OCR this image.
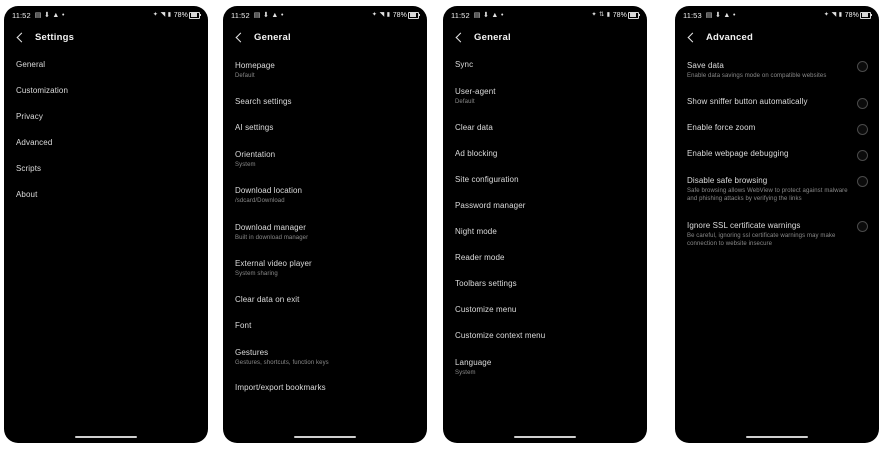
11:52 ▤ ⬇ ▲ •	✦ ◥ ▮ 78%
Settings
General
Customization
Privacy
Advanced
Scripts
About
11:52 ▤ ⬇ ▲ •	✦ ◥ ▮ 78%
General
Homepage
Default
Search settings
AI settings
Orientation
System
Download location
/sdcard/Download
Download manager
Built in download manager
External video player
System sharing
Clear data on exit
Font
Gestures
Gestures, shortcuts, function keys
Import/export bookmarks
11:52 ▤ ⬇ ▲ •	✦ ⇅ ▮ 78%
General
Sync
User-agent
Default
Clear data
Ad blocking
Site configuration
Password manager
Night mode
Reader mode
Toolbars settings
Customize menu
Customize context menu
Language
System
11:53 ▤ ⬇ ▲ •	✦ ◥ ▮ 78%
Advanced
Save data
Enable data savings mode on compatible websites
Show sniffer button automatically
Enable force zoom
Enable webpage debugging
Disable safe browsing
Safe browsing allows WebView to protect against malware and phishing attacks by verifying the links
Ignore SSL certificate warnings
Be careful, ignoring ssl certificate warnings may make connection to website insecure
